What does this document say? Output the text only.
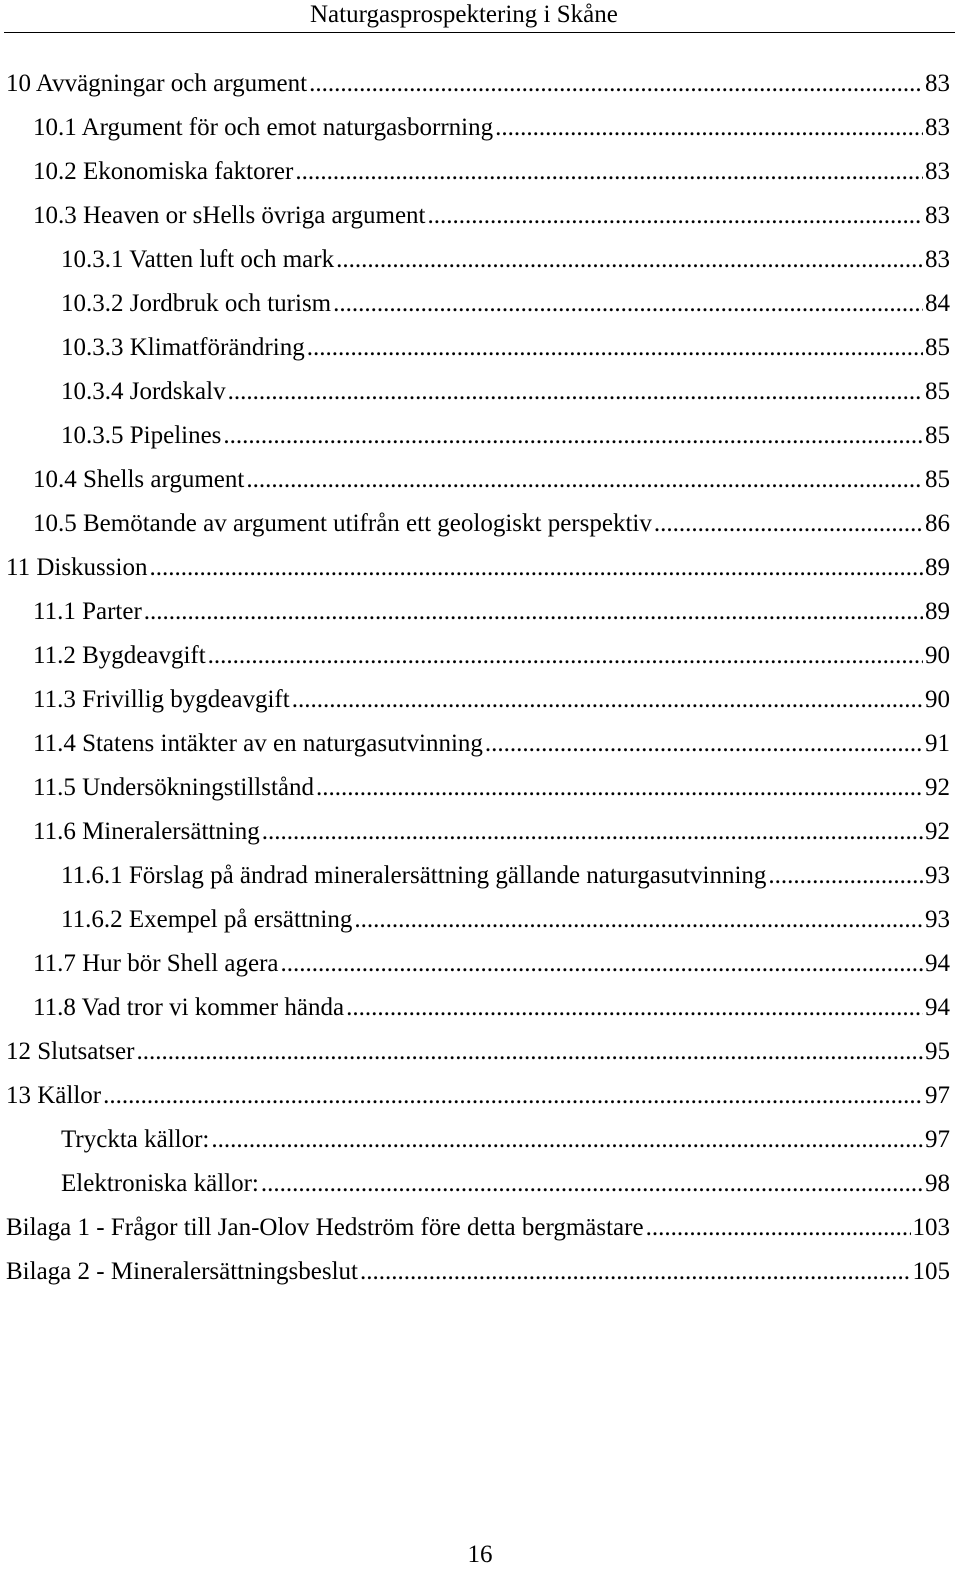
Naturgasprospektering i Skåne
10 Avvägningar och argument .....	83
10.1 Argument för och emot naturgasborrning .....	83
10.2 Ekonomiska faktorer .....	83
10.3 Heaven or sHells övriga argument .....	83
10.3.1 Vatten luft och mark .....	83
10.3.2 Jordbruk och turism .....	84
10.3.3 Klimatförändring .....	85
10.3.4 Jordskalv .....	85
10.3.5 Pipelines .....	85
10.4 Shells argument .....	85
10.5 Bemötande av argument utifrån ett geologiskt perspektiv .....	86
11 Diskussion .....	89
11.1 Parter .....	89
11.2 Bygdeavgift .....	90
11.3 Frivillig bygdeavgift .....	90
11.4 Statens intäkter av en naturgasutvinning .....	91
11.5 Undersökningstillstånd .....	92
11.6 Mineralersättning .....	92
11.6.1 Förslag på ändrad mineralersättning gällande naturgasutvinning .....	93
11.6.2 Exempel på ersättning .....	93
11.7 Hur bör Shell agera .....	94
11.8 Vad tror vi kommer hända .....	94
12 Slutsatser .....	95
13 Källor .....	97
Tryckta källor: .....	97
Elektroniska källor: .....	98
Bilaga 1 - Frågor till Jan-Olov Hedström före detta bergmästare .....	103
Bilaga 2 - Mineralersättningsbeslut .....	105
16
